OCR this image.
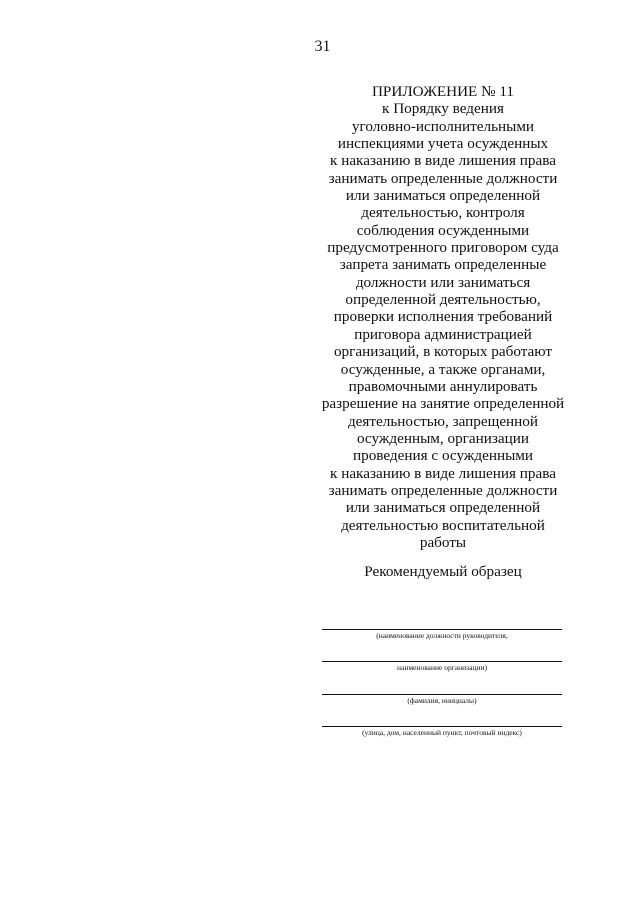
31
ПРИЛОЖЕНИЕ № 11
к Порядку ведения
уголовно-исполнительными
инспекциями учета осужденных
к наказанию в виде лишения права
занимать определенные должности
или заниматься определенной
деятельностью, контроля
соблюдения осужденными
предусмотренного приговором суда
запрета занимать определенные
должности или заниматься
определенной деятельностью,
проверки исполнения требований
приговора администрацией
организаций, в которых работают
осужденные, а также органами,
правомочными аннулировать
разрешение на занятие определенной
деятельностью, запрещенной
осужденным, организации
проведения с осужденными
к наказанию в виде лишения права
занимать определенные должности
или заниматься определенной
деятельностью воспитательной
работы
Рекомендуемый образец
(наименование должности руководителя,
наименование организации)
(фамилия, инициалы)
(улица, дом, населенный пункт, почтовый индекс)
